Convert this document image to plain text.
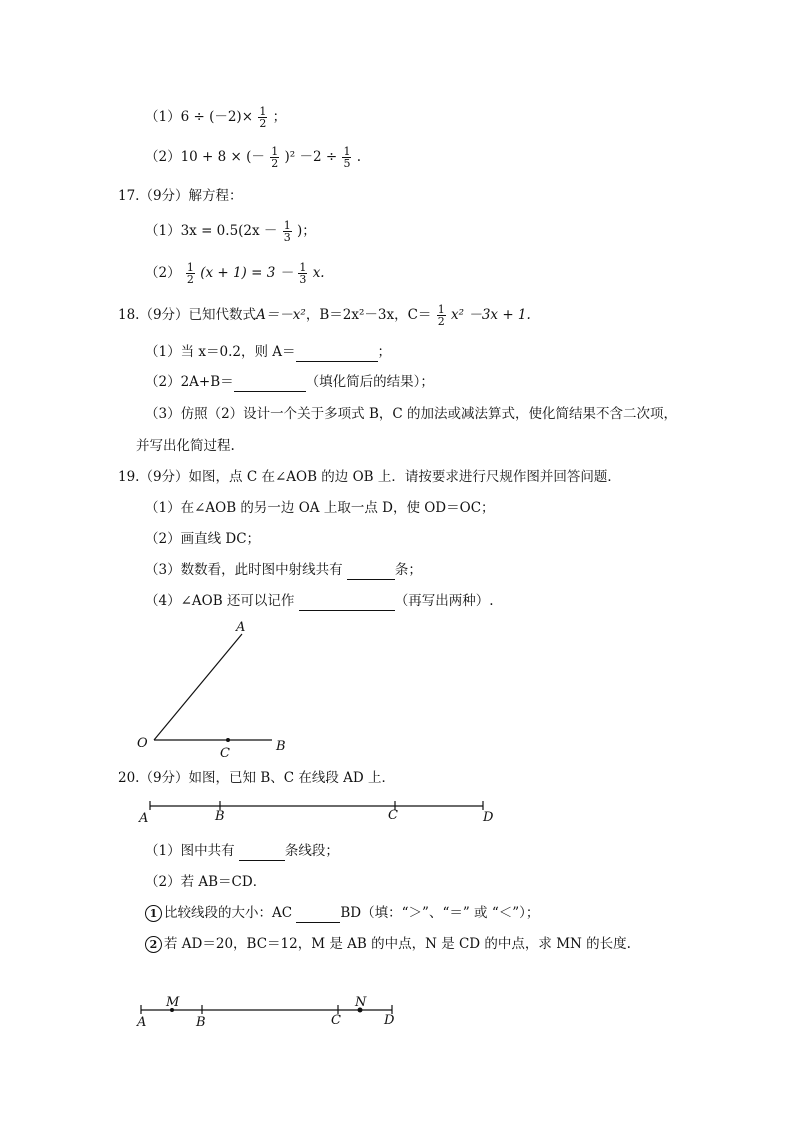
$(1)6 \div (-2)\times \frac{1}{2}$ ；
（2）10 + 8 × (－ $\frac{1}{2} )^2 -2 \div \frac{1}{5}$ .
17.（9分）解方程：
$(1)3x = 0.5(2x - \frac{1}{3}$ )；
$(2) \frac{1}{2} (x + 1) = 3 - \frac{1}{3} x$.
18.（9分）已知代数式A＝－x²，B＝2x²－3x，$C= \frac{1}{2} x^2 -3x + 1$.
（1）当 x＝0.2，则 A＝	；
（2）2A+B＝	（填化简后的结果）；
（3）仿照（2）设计一个关于多项式 B，C 的加法或减法算式，使化简结果不含二次项，
并写出化简过程.
19.（9分）如图，点 C 在∠AOB 的边 OB 上．请按要求进行尺规作图并回答问题．
（1）在∠AOB 的另一边 OA 上取一点 D，使 OD＝OC；
（2）画直线 DC；
（3）数数看，此时图中射线共有	条；
（4）∠AOB 还可以记作	（再写出两种）.
A
O
C	B
A	B	C	D
A
M
B	C
N
D
20.（9分）如图，已知 B、C 在线段 AD 上．
（1）图中共有	条线段；
（2）若 AB＝CD．
1 比较线段的大小：AC	BD（填：“＞”、“＝” 或 “＜”）；
2 若 AD＝20，BC＝12，M 是 AB 的中点，N 是 CD 的中点，求 MN 的长度.
